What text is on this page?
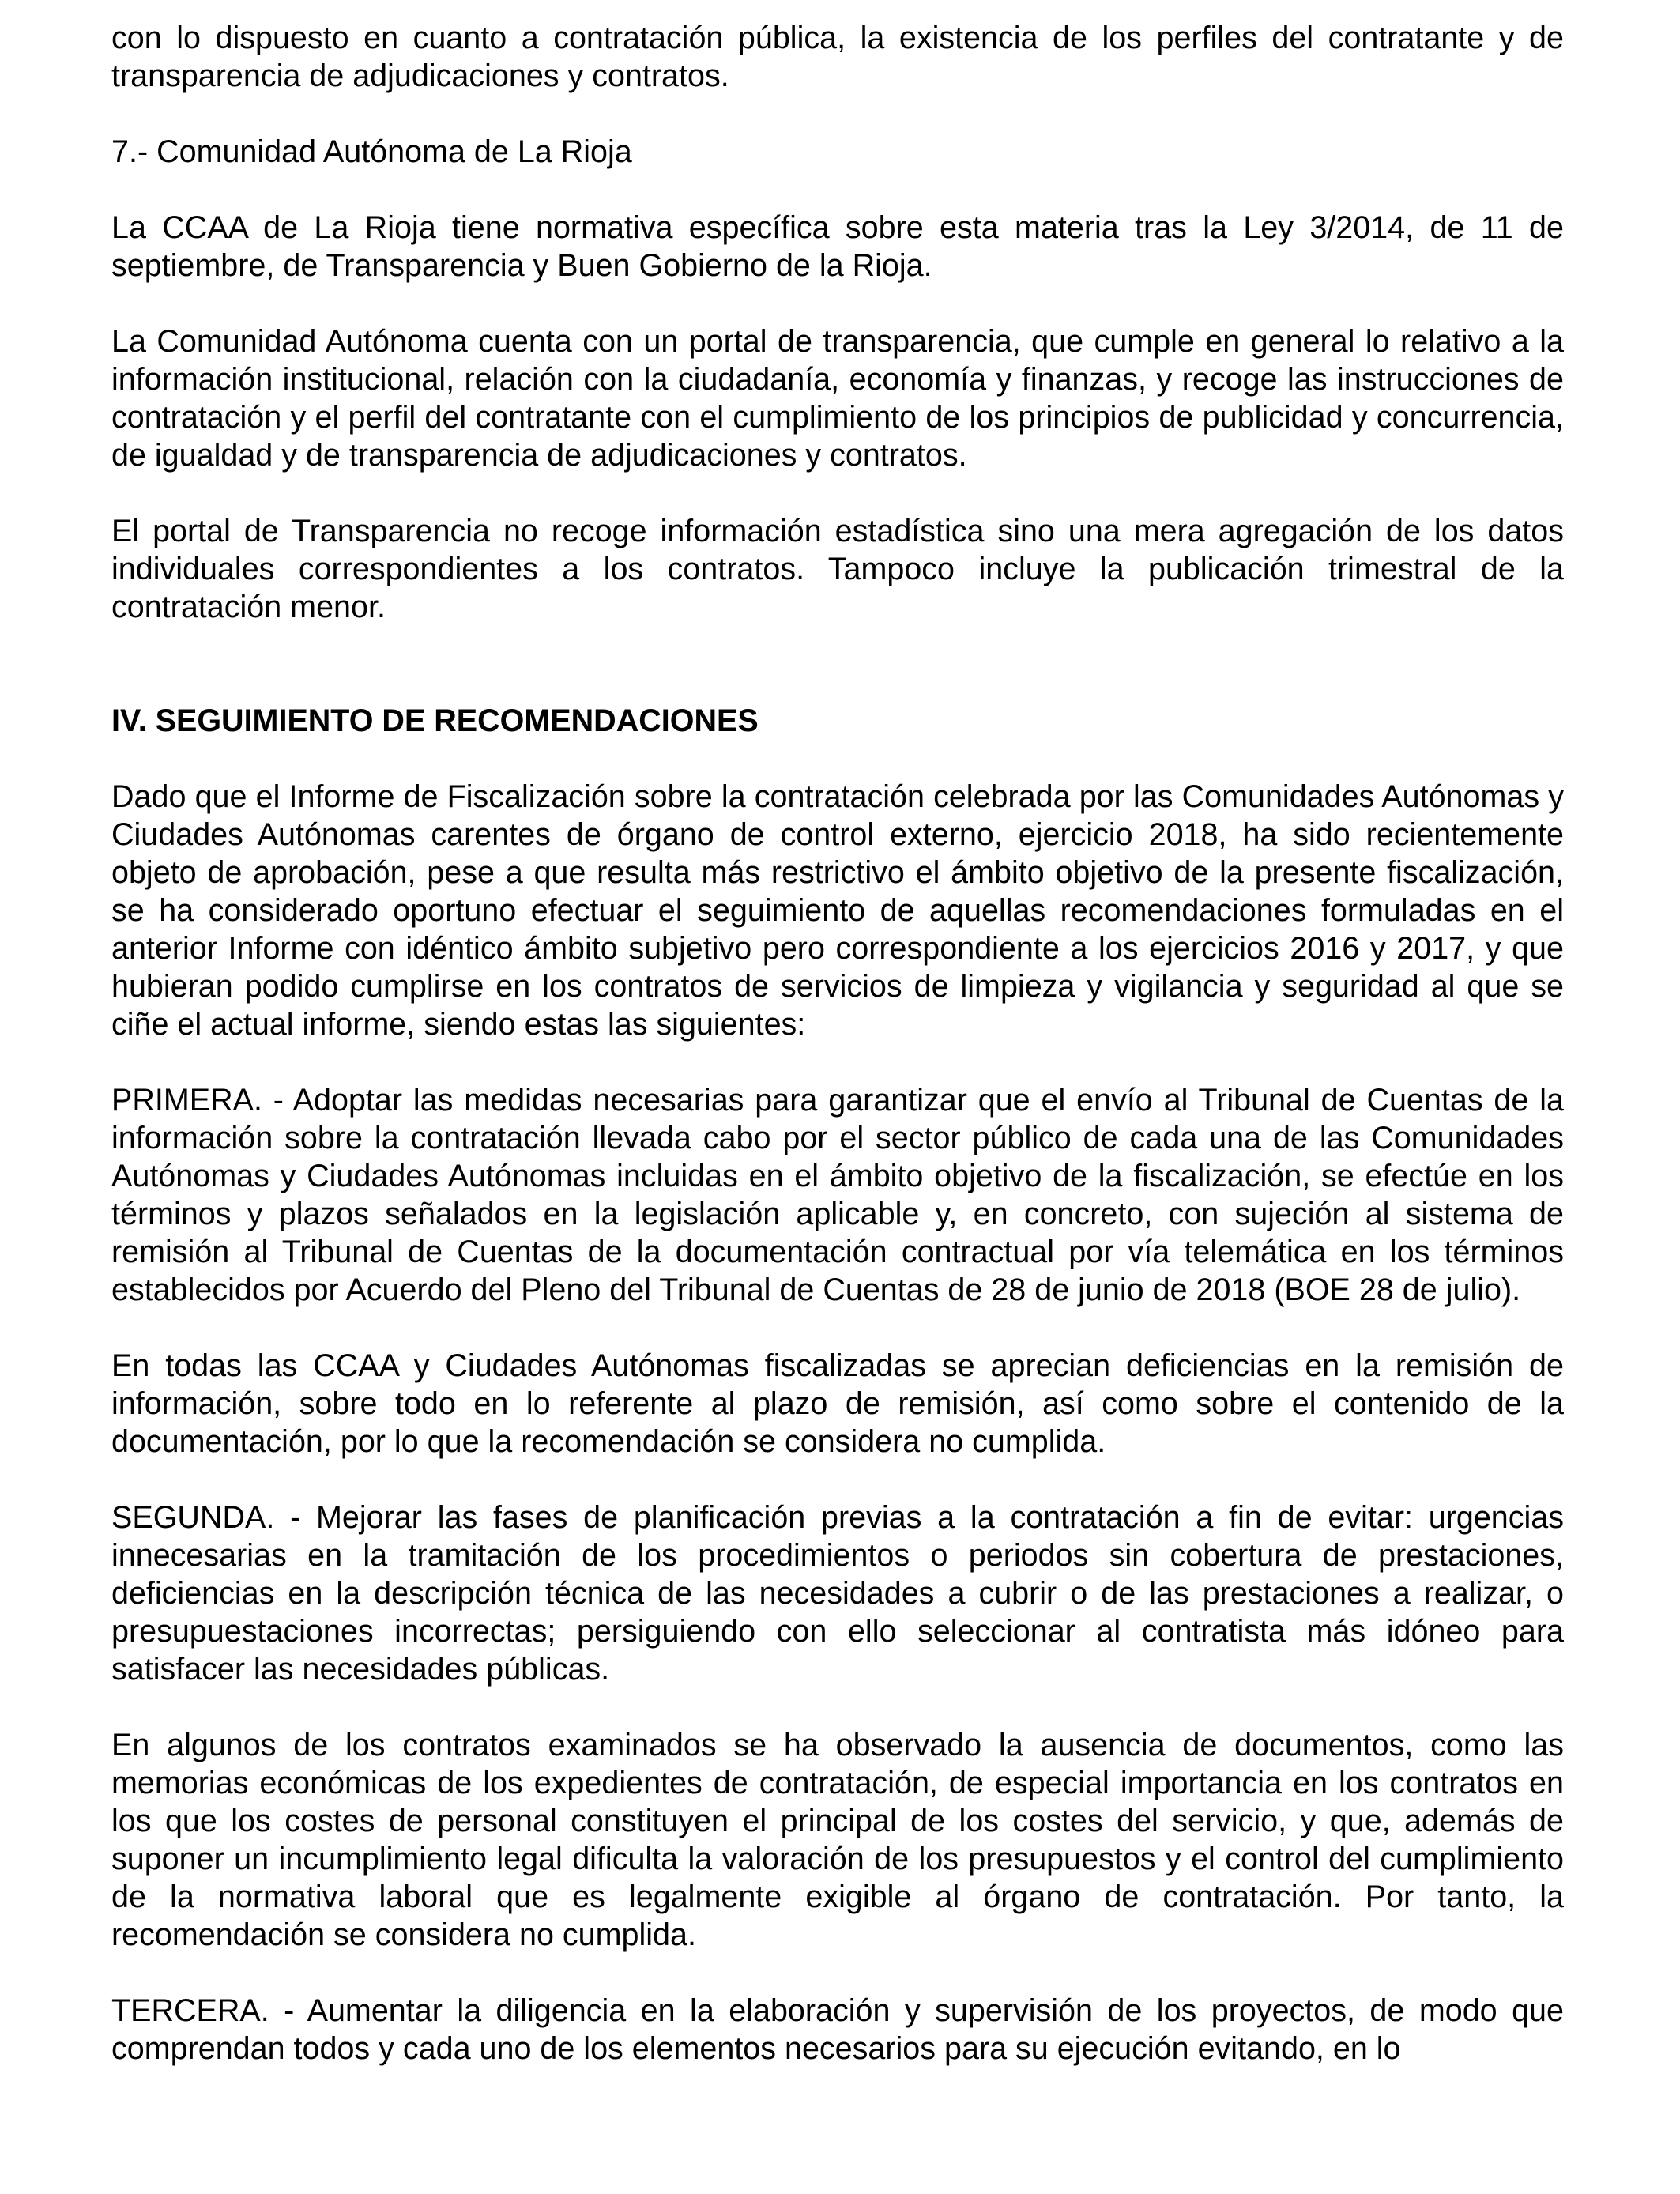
con lo dispuesto en cuanto a contratación pública, la existencia de los perfiles del contratante y de transparencia de adjudicaciones y contratos.

7.- Comunidad Autónoma de La Rioja

La CCAA de La Rioja tiene normativa específica sobre esta materia tras la Ley 3/2014, de 11 de septiembre, de Transparencia y Buen Gobierno de la Rioja.

La Comunidad Autónoma cuenta con un portal de transparencia, que cumple en general lo relativo a la información institucional, relación con la ciudadanía, economía y finanzas, y recoge las instrucciones de contratación y el perfil del contratante con el cumplimiento de los principios de publicidad y concurrencia, de igualdad y de transparencia de adjudicaciones y contratos.

El portal de Transparencia no recoge información estadística sino una mera agregación de los datos individuales correspondientes a los contratos. Tampoco incluye la publicación trimestral de la contratación menor.

IV. SEGUIMIENTO DE RECOMENDACIONES

Dado que el Informe de Fiscalización sobre la contratación celebrada por las Comunidades Autónomas y Ciudades Autónomas carentes de órgano de control externo, ejercicio 2018, ha sido recientemente objeto de aprobación, pese a que resulta más restrictivo el ámbito objetivo de la presente fiscalización, se ha considerado oportuno efectuar el seguimiento de aquellas recomendaciones formuladas en el anterior Informe con idéntico ámbito subjetivo pero correspondiente a los ejercicios 2016 y 2017, y que hubieran podido cumplirse en los contratos de servicios de limpieza y vigilancia y seguridad al que se ciñe el actual informe, siendo estas las siguientes:

PRIMERA. - Adoptar las medidas necesarias para garantizar que el envío al Tribunal de Cuentas de la información sobre la contratación llevada cabo por el sector público de cada una de las Comunidades Autónomas y Ciudades Autónomas incluidas en el ámbito objetivo de la fiscalización, se efectúe en los términos y plazos señalados en la legislación aplicable y, en concreto, con sujeción al sistema de remisión al Tribunal de Cuentas de la documentación contractual por vía telemática en los términos establecidos por Acuerdo del Pleno del Tribunal de Cuentas de 28 de junio de 2018 (BOE 28 de julio).

En todas las CCAA y Ciudades Autónomas fiscalizadas se aprecian deficiencias en la remisión de información, sobre todo en lo referente al plazo de remisión, así como sobre el contenido de la documentación, por lo que la recomendación se considera no cumplida.

SEGUNDA. - Mejorar las fases de planificación previas a la contratación a fin de evitar: urgencias innecesarias en la tramitación de los procedimientos o periodos sin cobertura de prestaciones, deficiencias en la descripción técnica de las necesidades a cubrir o de las prestaciones a realizar, o presupuestaciones incorrectas; persiguiendo con ello seleccionar al contratista más idóneo para satisfacer las necesidades públicas.

En algunos de los contratos examinados se ha observado la ausencia de documentos, como las memorias económicas de los expedientes de contratación, de especial importancia en los contratos en los que los costes de personal constituyen el principal de los costes del servicio, y que, además de suponer un incumplimiento legal dificulta la valoración de los presupuestos y el control del cumplimiento de la normativa laboral que es legalmente exigible al órgano de contratación. Por tanto, la recomendación se considera no cumplida.

TERCERA. - Aumentar la diligencia en la elaboración y supervisión de los proyectos, de modo que comprendan todos y cada uno de los elementos necesarios para su ejecución evitando, en lo
